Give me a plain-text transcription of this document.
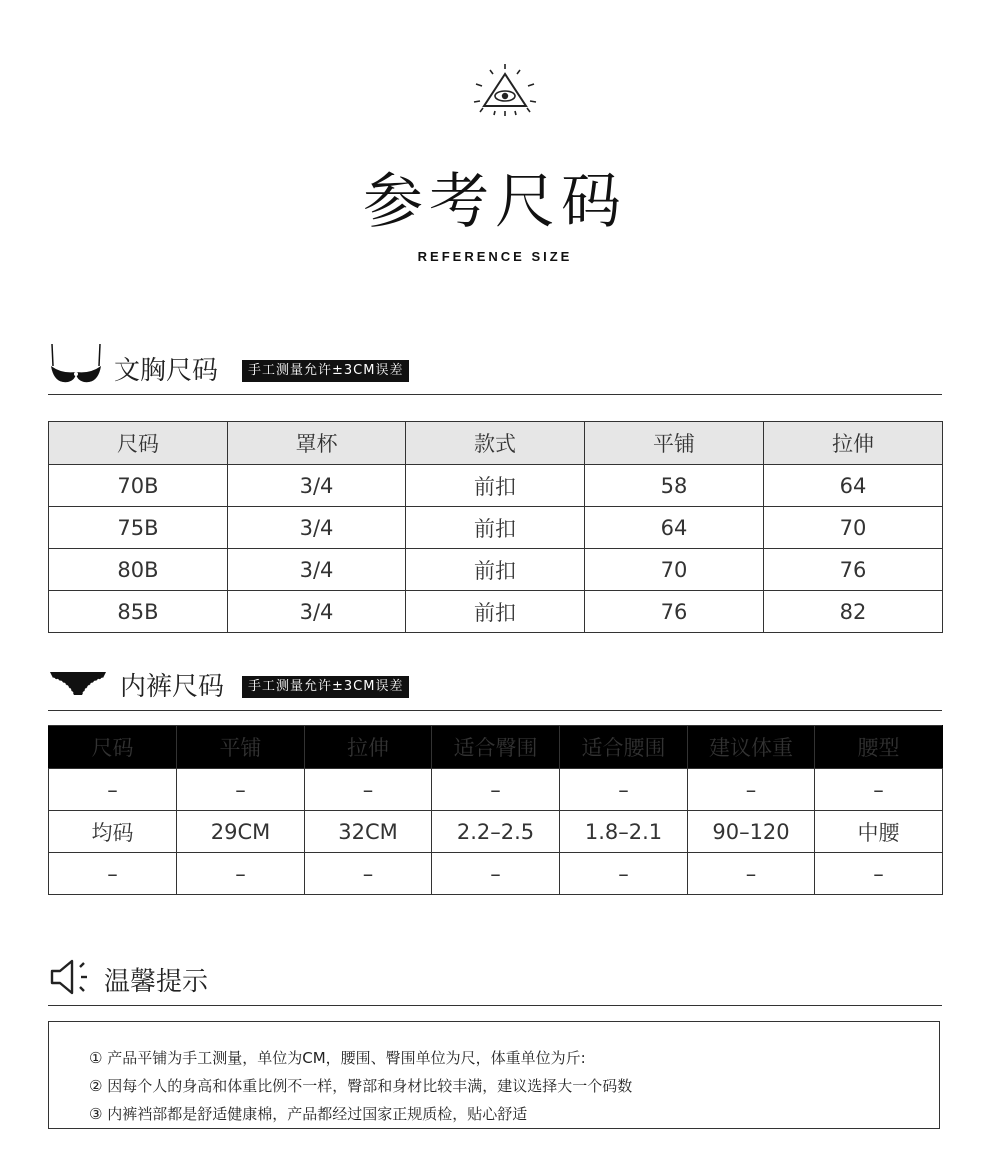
参考尺码
REFERENCE SIZE
文胸尺码	手工测量允许±3CM误差
尺码	罩杯	款式	平铺	拉伸
70B	3/4	前扣	58	64
75B	3/4	前扣	64	70
80B	3/4	前扣	70	76
85B	3/4	前扣	76	82
内裤尺码	手工测量允许±3CM误差
尺码	平铺	拉伸	适合臀围	适合腰围	建议体重	腰型
–	–	–	–	–	–	–
均码	29CM	32CM	2.2–2.5	1.8–2.1	90–120	中腰
–	–	–	–	–	–	–
温馨提示
① 产品平铺为手工测量，单位为CM，腰围、臀围单位为尺，体重单位为斤:
② 因每个人的身高和体重比例不一样，臀部和身材比较丰满，建议选择大一个码数
③ 内裤裆部都是舒适健康棉，产品都经过国家正规质检，贴心舒适
